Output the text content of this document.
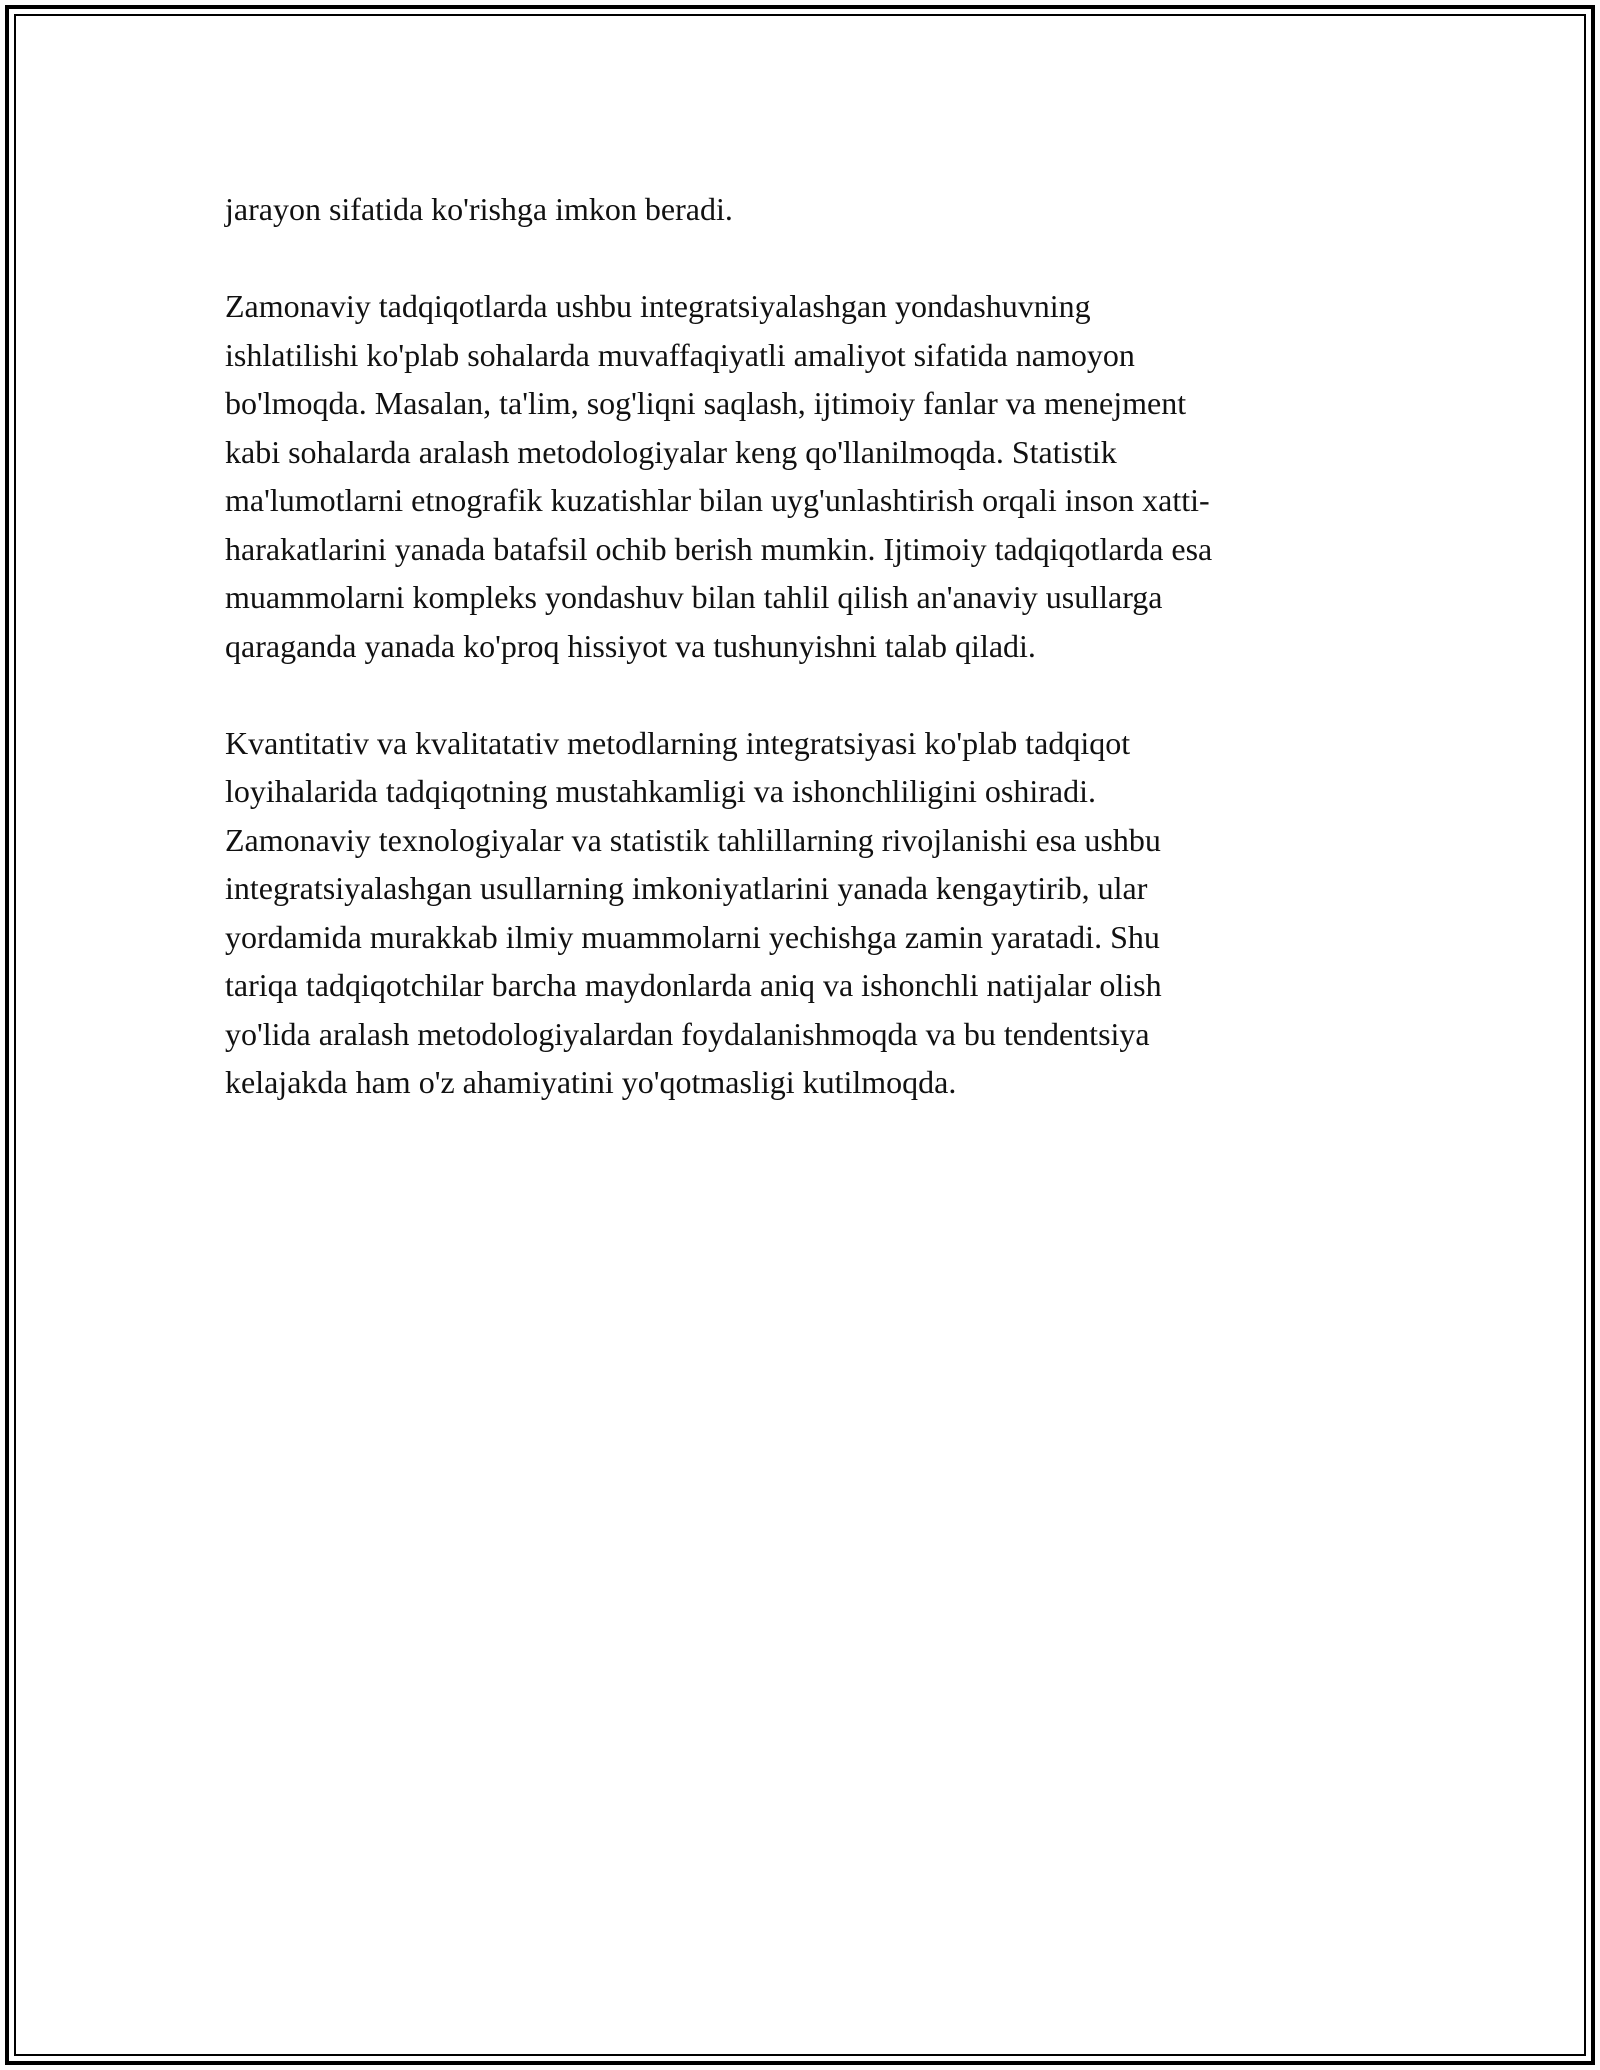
jarayon sifatida ko'rishga imkon beradi.

Zamonaviy tadqiqotlarda ushbu integratsiyalashgan yondashuvning
ishlatilishi ko'plab sohalarda muvaffaqiyatli amaliyot sifatida namoyon
bo'lmoqda. Masalan, ta'lim, sog'liqni saqlash, ijtimoiy fanlar va menejment
kabi sohalarda aralash metodologiyalar keng qo'llanilmoqda. Statistik
ma'lumotlarni etnografik kuzatishlar bilan uyg'unlashtirish orqali inson xatti-
harakatlarini yanada batafsil ochib berish mumkin. Ijtimoiy tadqiqotlarda esa
muammolarni kompleks yondashuv bilan tahlil qilish an'anaviy usullarga
qaraganda yanada ko'proq hissiyot va tushunyishni talab qiladi.

Kvantitativ va kvalitatativ metodlarning integratsiyasi ko'plab tadqiqot
loyihalarida tadqiqotning mustahkamligi va ishonchliligini oshiradi.
Zamonaviy texnologiyalar va statistik tahlillarning rivojlanishi esa ushbu
integratsiyalashgan usullarning imkoniyatlarini yanada kengaytirib, ular
yordamida murakkab ilmiy muammolarni yechishga zamin yaratadi. Shu
tariqa tadqiqotchilar barcha maydonlarda aniq va ishonchli natijalar olish
yo'lida aralash metodologiyalardan foydalanishmoqda va bu tendentsiya
kelajakda ham o'z ahamiyatini yo'qotmasligi kutilmoqda.
